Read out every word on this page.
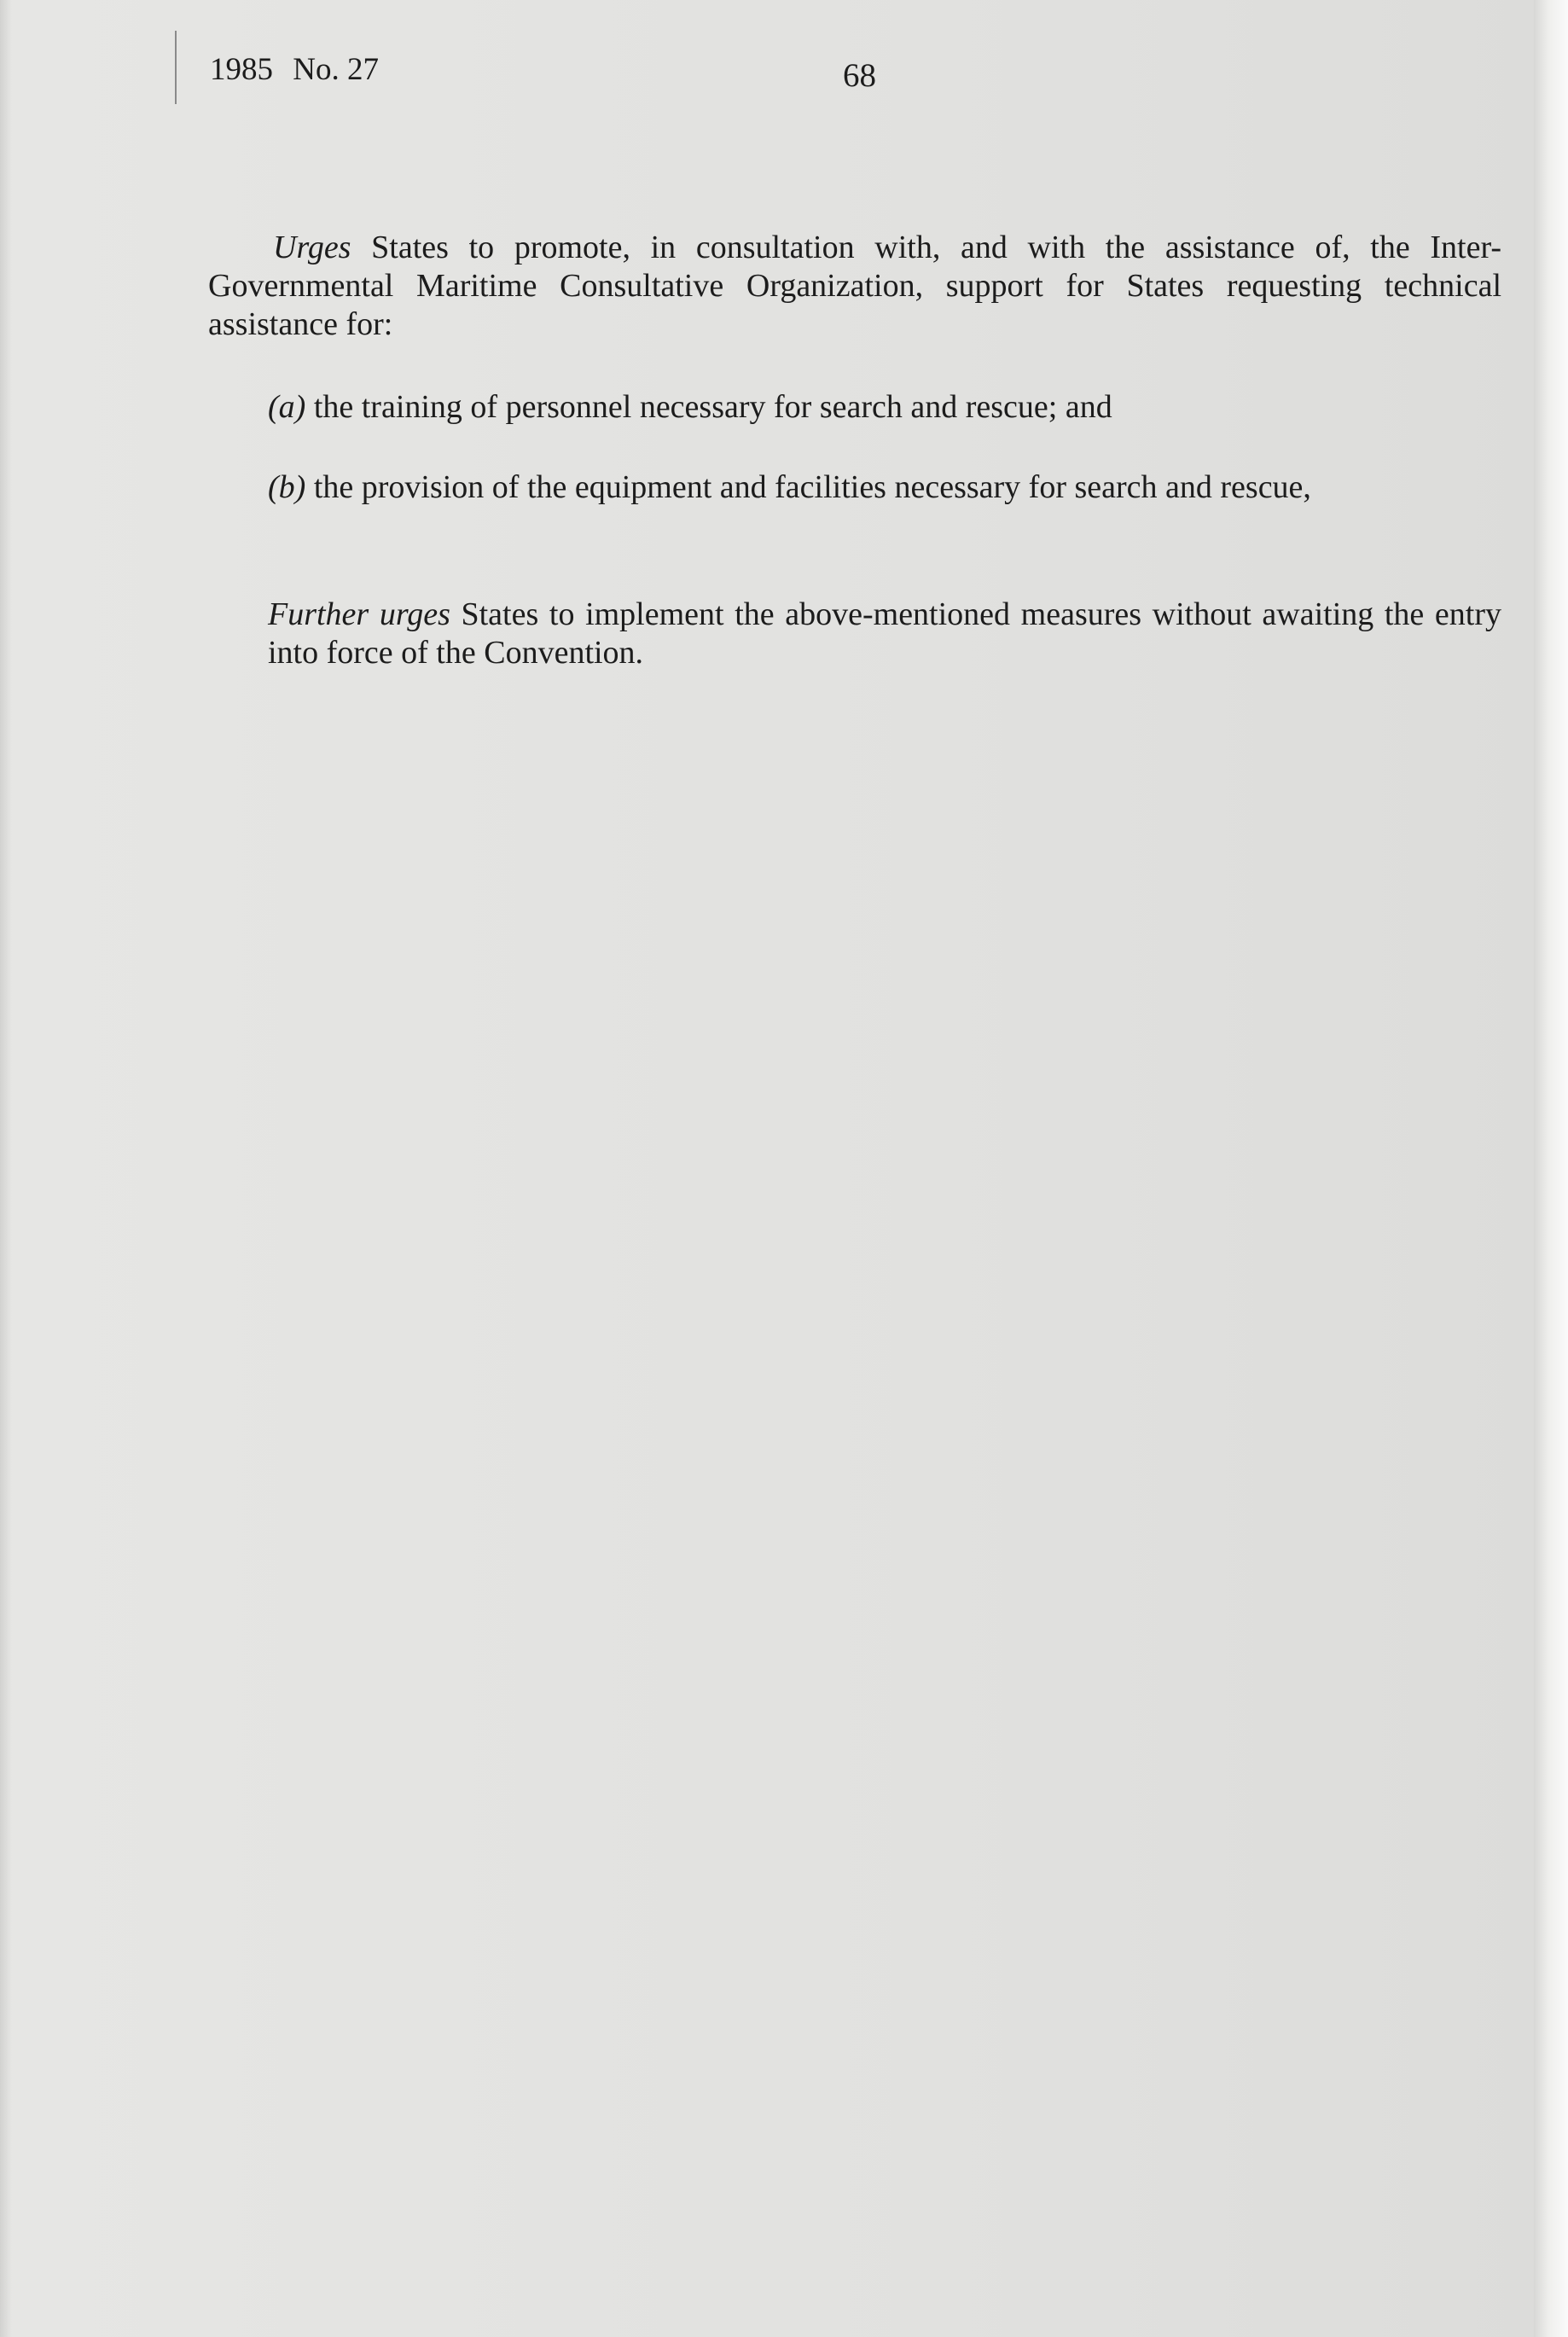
1985 No. 27	68
Urges States to promote, in consultation with, and with the assistance of, the Inter-Governmental Maritime Consultative Organization, support for States requesting technical assistance for:
(a) the training of personnel necessary for search and rescue; and
(b) the provision of the equipment and facilities necessary for search and rescue,
Further urges States to implement the above-mentioned measures without awaiting the entry into force of the Convention.
